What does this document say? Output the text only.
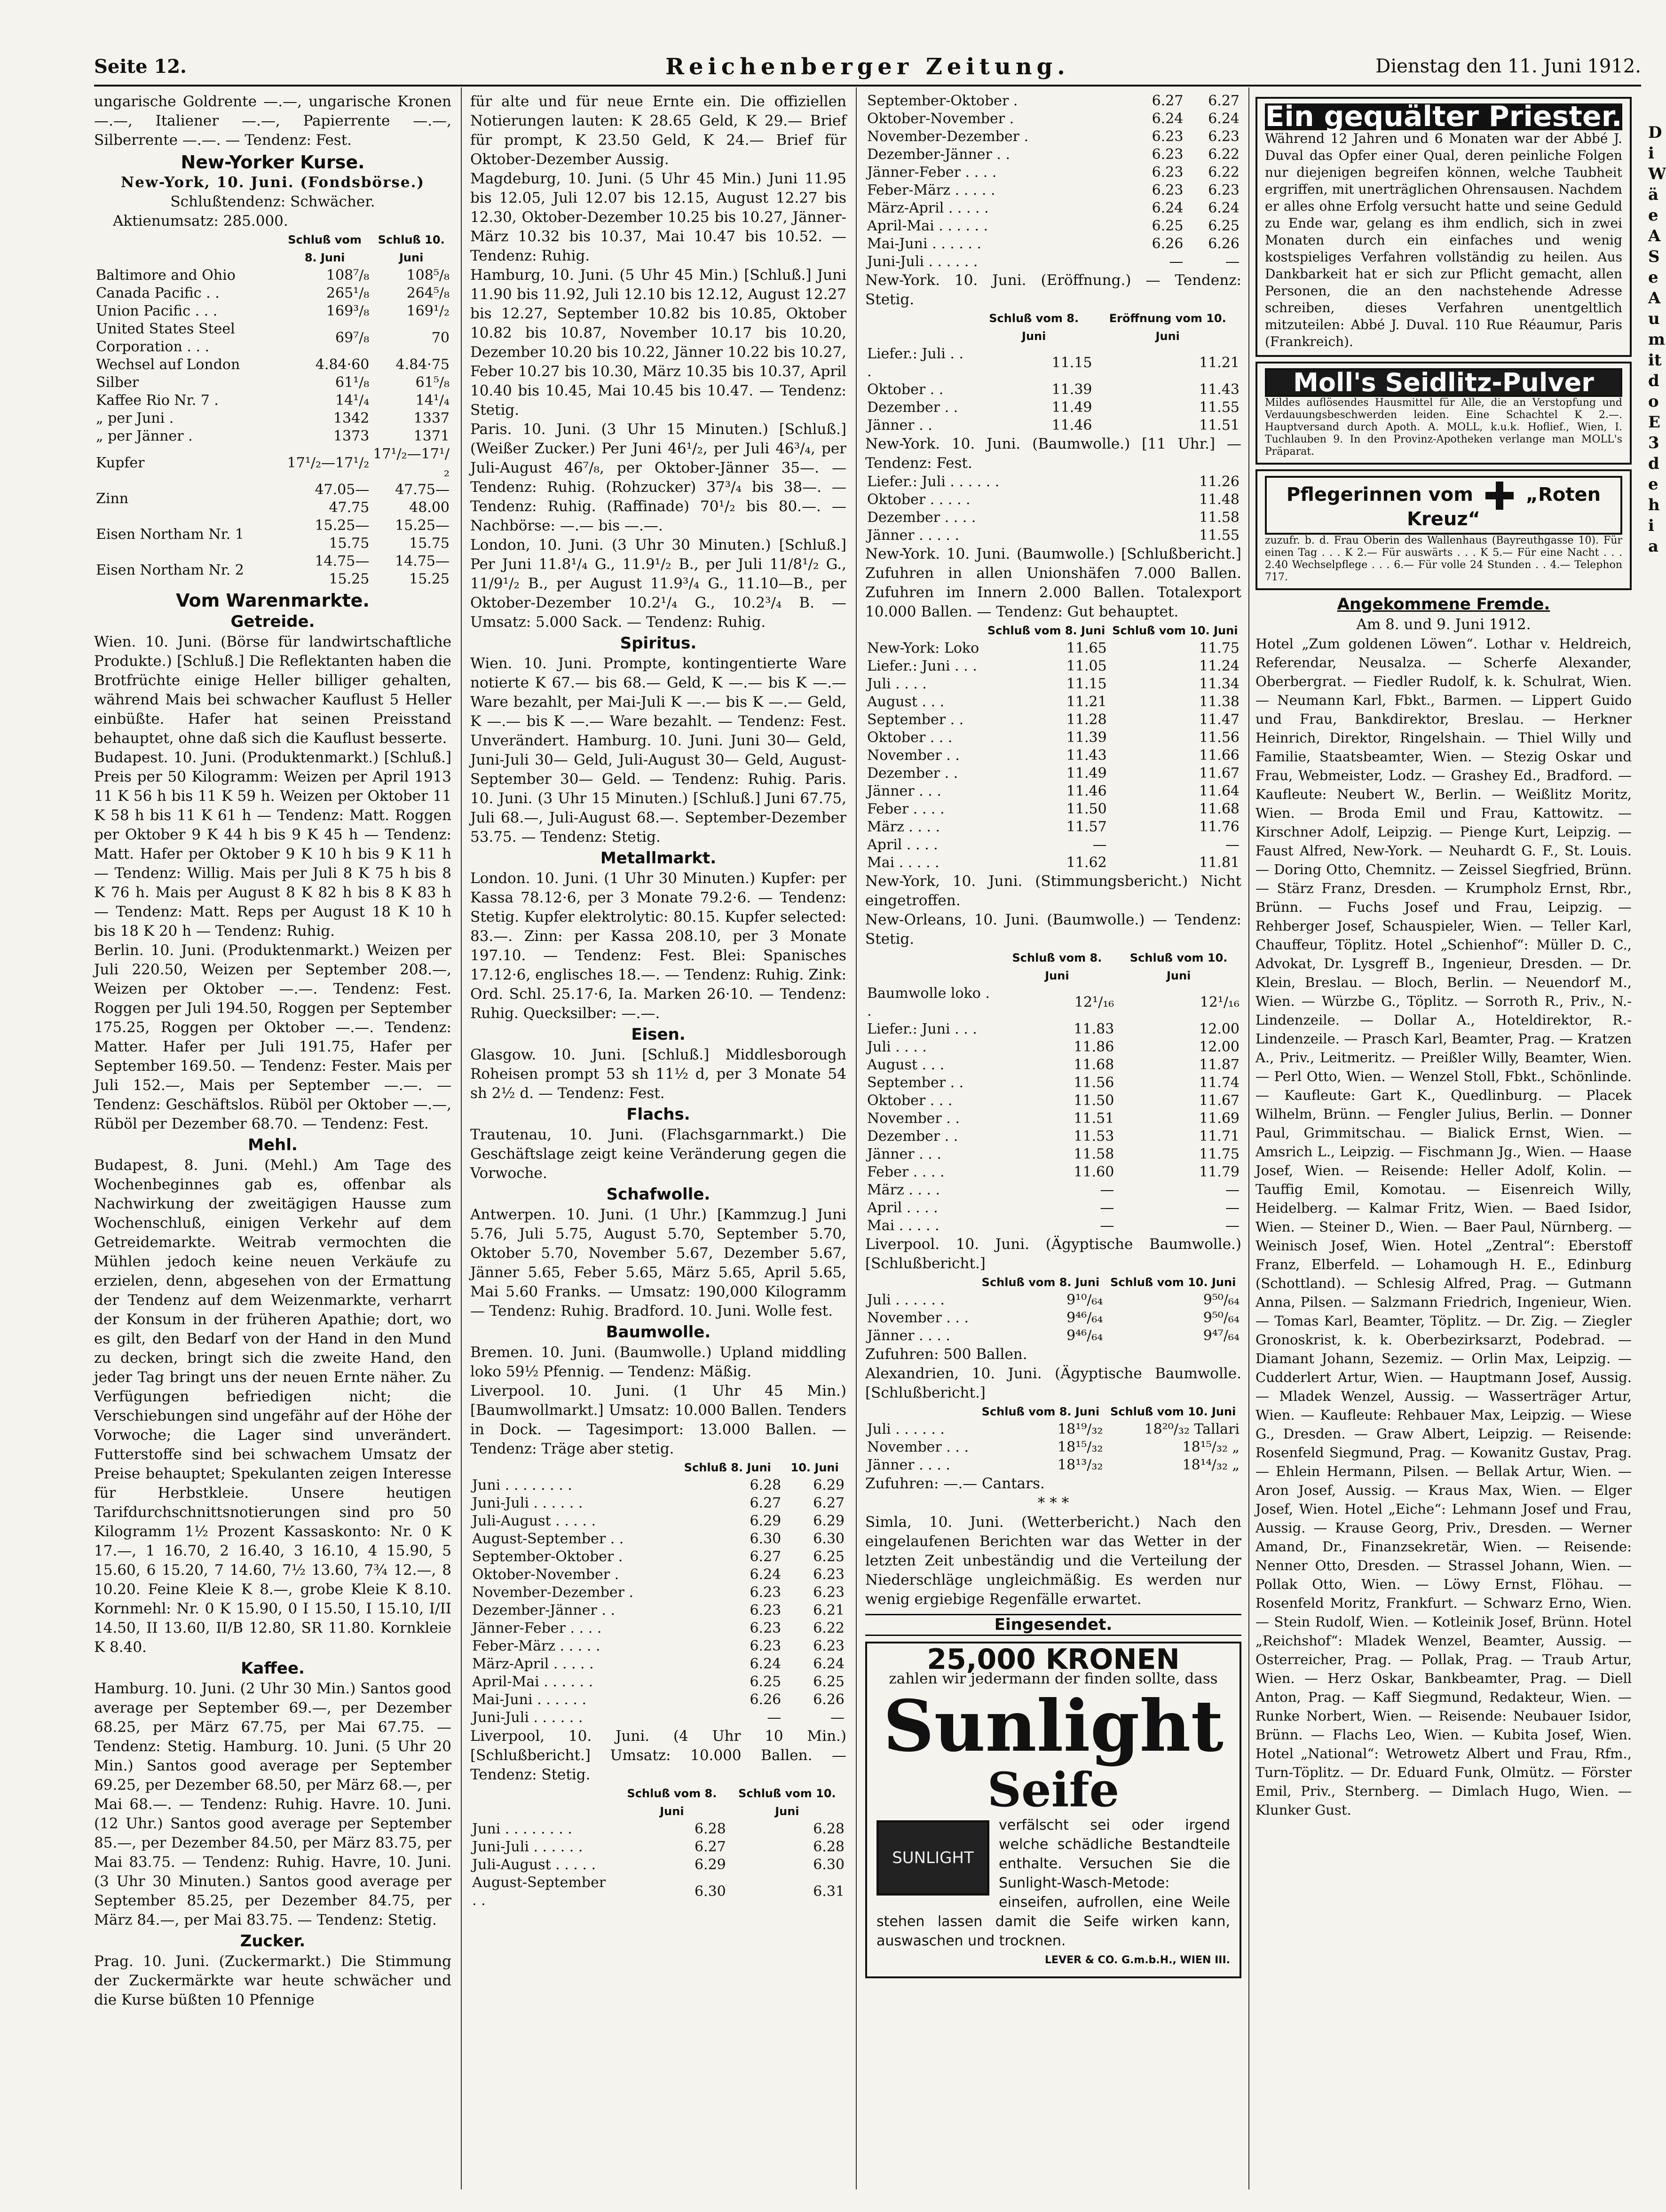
Seite 12.	Reichenberger Zeitung.	Dienstag den 11. Juni 1912.

ungarische Goldrente —.—, ungarische Kronen —.—, Italiener —.—, Papierrente —.—, Silberrente —.—. — Tendenz: Fest.

New-Yorker Kurse.

New-York, 10. Juni. (Fondsbörse.)

Schlußtendenz: Schwächer.

Aktienumsatz: 285.000.

	Schluß vom 8. Juni	Schluß 10. Juni
Baltimore and Ohio	108⁷/₈	108⁵/₈
Canada Pacific . .	265¹/₈	264⁵/₈
Union Pacific . . .	169³/₈	169¹/₂
United States Steel Corporation . . .	69⁷/₈	70
Wechsel auf London	4.84·60	4.84·75
Silber	61¹/₈	61⁵/₈
Kaffee Rio Nr. 7 .	14¹/₄	14¹/₄
„ per Juni .	1342	1337
„ per Jänner .	1373	1371
Kupfer	17¹/₂—17¹/₂	17¹/₂—17¹/₂
Zinn	47.05—47.75	47.75—48.00
Eisen Northam Nr. 1	15.25—15.75	15.25—15.75
Eisen Northam Nr. 2	14.75—15.25	14.75—15.25
Vom Warenmarkte.
Getreide.

Wien. 10. Juni. (Börse für landwirtschaftliche Produkte.) [Schluß.] Die Reflektanten haben die Brotfrüchte einige Heller billiger gehalten, während Mais bei schwacher Kauflust 5 Heller einbüßte. Hafer hat seinen Preisstand behauptet, ohne daß sich die Kauflust besserte.

Budapest. 10. Juni. (Produktenmarkt.) [Schluß.] Preis per 50 Kilogramm: Weizen per April 1913 11 K 56 h bis 11 K 59 h. Weizen per Oktober 11 K 58 h bis 11 K 61 h — Tendenz: Matt. Roggen per Oktober 9 K 44 h bis 9 K 45 h — Tendenz: Matt. Hafer per Oktober 9 K 10 h bis 9 K 11 h — Tendenz: Willig. Mais per Juli 8 K 75 h bis 8 K 76 h. Mais per August 8 K 82 h bis 8 K 83 h — Tendenz: Matt. Reps per August 18 K 10 h bis 18 K 20 h — Tendenz: Ruhig.

Berlin. 10. Juni. (Produktenmarkt.) Weizen per Juli 220.50, Weizen per September 208.—, Weizen per Oktober —.—. Tendenz: Fest. Roggen per Juli 194.50, Roggen per September 175.25, Roggen per Oktober —.—. Tendenz: Matter. Hafer per Juli 191.75, Hafer per September 169.50. — Tendenz: Fester. Mais per Juli 152.—, Mais per September —.—. — Tendenz: Geschäftslos. Rüböl per Oktober —.—, Rüböl per Dezember 68.70. — Tendenz: Fest.

Mehl.

Budapest, 8. Juni. (Mehl.) Am Tage des Wochenbeginnes gab es, offenbar als Nachwirkung der zweitägigen Hausse zum Wochenschluß, einigen Verkehr auf dem Getreidemarkte. Weitrab vermochten die Mühlen jedoch keine neuen Verkäufe zu erzielen, denn, abgesehen von der Ermattung der Tendenz auf dem Weizenmarkte, verharrt der Konsum in der früheren Apathie; dort, wo es gilt, den Bedarf von der Hand in den Mund zu decken, bringt sich die zweite Hand, den jeder Tag bringt uns der neuen Ernte näher. Zu Verfügungen befriedigen nicht; die Verschiebungen sind ungefähr auf der Höhe der Vorwoche; die Lager sind unverändert. Futterstoffe sind bei schwachem Umsatz der Preise behauptet; Spekulanten zeigen Interesse für Herbstkleie. Unsere heutigen Tarifdurchschnittsnotierungen sind pro 50 Kilogramm 1½ Prozent Kassaskonto: Nr. 0 K 17.—, 1 16.70, 2 16.40, 3 16.10, 4 15.90, 5 15.60, 6 15.20, 7 14.60, 7½ 13.60, 7¾ 12.—, 8 10.20. Feine Kleie K 8.—, grobe Kleie K 8.10. Kornmehl: Nr. 0 K 15.90, 0 I 15.50, I 15.10, I/II 14.50, II 13.60, II/B 12.80, SR 11.80. Kornkleie K 8.40.

Kaffee.

Hamburg. 10. Juni. (2 Uhr 30 Min.) Santos good average per September 69.—, per Dezember 68.25, per März 67.75, per Mai 67.75. — Tendenz: Stetig. Hamburg. 10. Juni. (5 Uhr 20 Min.) Santos good average per September 69.25, per Dezember 68.50, per März 68.—, per Mai 68.—. — Tendenz: Ruhig. Havre. 10. Juni. (12 Uhr.) Santos good average per September 85.—, per Dezember 84.50, per März 83.75, per Mai 83.75. — Tendenz: Ruhig. Havre, 10. Juni. (3 Uhr 30 Minuten.) Santos good average per September 85.25, per Dezember 84.75, per März 84.—, per Mai 83.75. — Tendenz: Stetig.

Zucker.

Prag. 10. Juni. (Zuckermarkt.) Die Stimmung der Zuckermärkte war heute schwächer und die Kurse büßten 10 Pfennige

für alte und für neue Ernte ein. Die offiziellen Notierungen lauten: K 28.65 Geld, K 29.— Brief für prompt, K 23.50 Geld, K 24.— Brief für Oktober-Dezember Aussig.

Magdeburg, 10. Juni. (5 Uhr 45 Min.) Juni 11.95 bis 12.05, Juli 12.07 bis 12.15, August 12.27 bis 12.30, Oktober-Dezember 10.25 bis 10.27, Jänner-März 10.32 bis 10.37, Mai 10.47 bis 10.52. — Tendenz: Ruhig.

Hamburg, 10. Juni. (5 Uhr 45 Min.) [Schluß.] Juni 11.90 bis 11.92, Juli 12.10 bis 12.12, August 12.27 bis 12.27, September 10.82 bis 10.85, Oktober 10.82 bis 10.87, November 10.17 bis 10.20, Dezember 10.20 bis 10.22, Jänner 10.22 bis 10.27, Feber 10.27 bis 10.30, März 10.35 bis 10.37, April 10.40 bis 10.45, Mai 10.45 bis 10.47. — Tendenz: Stetig.

Paris. 10. Juni. (3 Uhr 15 Minuten.) [Schluß.] (Weißer Zucker.) Per Juni 46¹/₂, per Juli 46³/₄, per Juli-August 46⁷/₈, per Oktober-Jänner 35—. — Tendenz: Ruhig. (Rohzucker) 37³/₄ bis 38—. — Tendenz: Ruhig. (Raffinade) 70¹/₂ bis 80.—. — Nachbörse: —.— bis —.—.

London, 10. Juni. (3 Uhr 30 Minuten.) [Schluß.] Per Juni 11.8¹/₄ G., 11.9¹/₂ B., per Juli 11/8¹/₂ G., 11/9¹/₂ B., per August 11.9³/₄ G., 11.10—B., per Oktober-Dezember 10.2¹/₄ G., 10.2³/₄ B. — Umsatz: 5.000 Sack. — Tendenz: Ruhig.

Spiritus.

Wien. 10. Juni. Prompte, kontingentierte Ware notierte K 67.— bis 68.— Geld, K —.— bis K —.— Ware bezahlt, per Mai-Juli K —.— bis K —.— Geld, K —.— bis K —.— Ware bezahlt. — Tendenz: Fest. Unverändert. Hamburg. 10. Juni. Juni 30— Geld, Juni-Juli 30— Geld, Juli-August 30— Geld, August-September 30— Geld. — Tendenz: Ruhig. Paris. 10. Juni. (3 Uhr 15 Minuten.) [Schluß.] Juni 67.75, Juli 68.—, Juli-August 68.—. September-Dezember 53.75. — Tendenz: Stetig.

Metallmarkt.

London. 10. Juni. (1 Uhr 30 Minuten.) Kupfer: per Kassa 78.12·6, per 3 Monate 79.2·6. — Tendenz: Stetig. Kupfer elektrolytic: 80.15. Kupfer selected: 83.—. Zinn: per Kassa 208.10, per 3 Monate 197.10. — Tendenz: Fest. Blei: Spanisches 17.12·6, englisches 18.—. — Tendenz: Ruhig. Zink: Ord. Schl. 25.17·6, Ia. Marken 26·10. — Tendenz: Ruhig. Quecksilber: —.—.

Eisen.

Glasgow. 10. Juni. [Schluß.] Middlesborough Roheisen prompt 53 sh 11½ d, per 3 Monate 54 sh 2½ d. — Tendenz: Fest.

Flachs.

Trautenau, 10. Juni. (Flachsgarnmarkt.) Die Geschäftslage zeigt keine Veränderung gegen die Vorwoche.

Schafwolle.

Antwerpen. 10. Juni. (1 Uhr.) [Kammzug.] Juni 5.76, Juli 5.75, August 5.70, September 5.70, Oktober 5.70, November 5.67, Dezember 5.67, Jänner 5.65, Feber 5.65, März 5.65, April 5.65, Mai 5.60 Franks. — Umsatz: 190,000 Kilogramm — Tendenz: Ruhig. Bradford. 10. Juni. Wolle fest.

Baumwolle.

Bremen. 10. Juni. (Baumwolle.) Upland middling loko 59½ Pfennig. — Tendenz: Mäßig.

Liverpool. 10. Juni. (1 Uhr 45 Min.) [Baumwollmarkt.] Umsatz: 10.000 Ballen. Tenders in Dock. — Tagesimport: 13.000 Ballen. — Tendenz: Träge aber stetig.

	Schluß 8. Juni	10. Juni
Juni . . . . . . . .	6.28	6.29
Juni-Juli . . . . . .	6.27	6.27
Juli-August . . . . .	6.29	6.29
August-September . .	6.30	6.30
September-Oktober .	6.27	6.25
Oktober-November .	6.24	6.23
November-Dezember .	6.23	6.23
Dezember-Jänner . .	6.23	6.21
Jänner-Feber . . . .	6.23	6.22
Feber-März . . . . .	6.23	6.23
März-April . . . . .	6.24	6.24
April-Mai . . . . . .	6.25	6.25
Mai-Juni . . . . . .	6.26	6.26
Juni-Juli . . . . . .	—	—

Liverpool, 10. Juni. (4 Uhr 10 Min.) [Schlußbericht.] Umsatz: 10.000 Ballen. — Tendenz: Stetig.

	Schluß vom 8. Juni	Schluß vom 10. Juni
Juni . . . . . . . .	6.28	6.28
Juni-Juli . . . . . .	6.27	6.28
Juli-August . . . . .	6.29	6.30
August-September . .	6.30	6.31
September-Oktober .	6.27	6.27
Oktober-November .	6.24	6.24
November-Dezember .	6.23	6.23
Dezember-Jänner . .	6.23	6.22
Jänner-Feber . . . .	6.23	6.22
Feber-März . . . . .	6.23	6.23
März-April . . . . .	6.24	6.24
April-Mai . . . . . .	6.25	6.25
Mai-Juni . . . . . .	6.26	6.26
Juni-Juli . . . . . .	—	—

New-York. 10. Juni. (Eröffnung.) — Tendenz: Stetig.

	Schluß vom 8. Juni	Eröffnung vom 10. Juni
Liefer.: Juli . . .	11.15	11.21
Oktober . .	11.39	11.43
Dezember . .	11.49	11.55
Jänner . .	11.46	11.51

New-York. 10. Juni. (Baumwolle.) [11 Uhr.] — Tendenz: Fest.

Liefer.: Juli . . . . . .	11.26
Oktober . . . . .	11.48
Dezember . . . .	11.58
Jänner . . . . .	11.55

New-York. 10. Juni. (Baumwolle.) [Schlußbericht.] Zufuhren in allen Unionshäfen 7.000 Ballen. Zufuhren im Innern 2.000 Ballen. Totalexport 10.000 Ballen. — Tendenz: Gut behauptet.

	Schluß vom 8. Juni	Schluß vom 10. Juni
New-York: Loko	11.65	11.75
Liefer.: Juni . . .	11.05	11.24
Juli . . . .	11.15	11.34
August . . .	11.21	11.38
September . .	11.28	11.47
Oktober . . .	11.39	11.56
November . .	11.43	11.66
Dezember . .	11.49	11.67
Jänner . . .	11.46	11.64
Feber . . . .	11.50	11.68
März . . . .	11.57	11.76
April . . . .	—	—
Mai . . . . .	11.62	11.81

New-York, 10. Juni. (Stimmungsbericht.) Nicht eingetroffen.

New-Orleans, 10. Juni. (Baumwolle.) — Tendenz: Stetig.

	Schluß vom 8. Juni	Schluß vom 10. Juni
Baumwolle loko . .	12¹/₁₆	12¹/₁₆
Liefer.: Juni . . .	11.83	12.00
Juli . . . .	11.86	12.00
August . . .	11.68	11.87
September . .	11.56	11.74
Oktober . . .	11.50	11.67
November . .	11.51	11.69
Dezember . .	11.53	11.71
Jänner . . .	11.58	11.75
Feber . . . .	11.60	11.79
März . . . .	—	—
April . . . .	—	—
Mai . . . . .	—	—

Liverpool. 10. Juni. (Ägyptische Baumwolle.) [Schlußbericht.]

	Schluß vom 8. Juni	Schluß vom 10. Juni
Juli . . . . . .	9¹⁰/₆₄	9⁵⁰/₆₄
November . . .	9⁴⁶/₆₄	9⁵⁰/₆₄
Jänner . . . .	9⁴⁶/₆₄	9⁴⁷/₆₄

Zufuhren: 500 Ballen.

Alexandrien, 10. Juni. (Ägyptische Baumwolle. [Schlußbericht.]

	Schluß vom 8. Juni	Schluß vom 10. Juni
Juli . . . . . .	18¹⁹/₃₂	18²⁰/₃₂ Tallari
November . . .	18¹⁵/₃₂	18¹⁵/₃₂ „
Jänner . . . .	18¹³/₃₂	18¹⁴/₃₂ „

Zufuhren: —.— Cantars.

* * *

Simla, 10. Juni. (Wetterbericht.) Nach den eingelaufenen Berichten war das Wetter in der letzten Zeit unbeständig und die Verteilung der Niederschläge ungleichmäßig. Es werden nur wenig ergiebige Regenfälle erwartet.

Eingesendet.
25,000 KRONEN
zahlen wir jedermann der finden sollte, dass
Sunlight
Seife
SUNLIGHT

verfälscht sei oder irgend welche schädliche Bestandteile enthalte. Versuchen Sie die Sunlight-Wasch-Metode: einseifen, aufrollen, eine Weile stehen lassen damit die Seife wirken kann, auswaschen und trocknen.

LEVER & CO. G.m.b.H., WIEN III.

Ein gequälter Priester.

Während 12 Jahren und 6 Monaten war der Abbé J. Duval das Opfer einer Qual, deren peinliche Folgen nur diejenigen begreifen können, welche Taubheit ergriffen, mit unerträglichen Ohrensausen. Nachdem er alles ohne Erfolg versucht hatte und seine Geduld zu Ende war, gelang es ihm endlich, sich in zwei Monaten durch ein einfaches und wenig kostspieliges Verfahren vollständig zu heilen. Aus Dankbarkeit hat er sich zur Pflicht gemacht, allen Personen, die an den nachstehende Adresse schreiben, dieses Verfahren unentgeltlich mitzuteilen: Abbé J. Duval. 110 Rue Réaumur, Paris (Frankreich).

Moll's Seidlitz-Pulver

Mildes auflösendes Hausmittel für Alle, die an Verstopfung und Verdauungsbeschwerden leiden. Eine Schachtel K 2.—. Hauptversand durch Apoth. A. MOLL, k.u.k. Hoflief., Wien, I. Tuchlauben 9. In den Provinz-Apotheken verlange man MOLL's Präparat.

Pflegerinnen vom	„Roten Kreuz“

zuzufr. b. d. Frau Oberin des Wallenhaus (Bayreuthgasse 10). Für einen Tag . . . K 2.— Für auswärts . . . K 5.— Für eine Nacht . . . 2.40 Wechselpflege . . . 6.— Für volle 24 Stunden . . 4.— Telephon 717.

Angekommene Fremde.

Am 8. und 9. Juni 1912.

Hotel „Zum goldenen Löwen“. Lothar v. Heldreich, Referendar, Neusalza. — Scherfe Alexander, Oberbergrat. — Fiedler Rudolf, k. k. Schulrat, Wien. — Neumann Karl, Fbkt., Barmen. — Lippert Guido und Frau, Bankdirektor, Breslau. — Herkner Heinrich, Direktor, Ringelshain. — Thiel Willy und Familie, Staatsbeamter, Wien. — Stezig Oskar und Frau, Webmeister, Lodz. — Grashey Ed., Bradford. — Kaufleute: Neubert W., Berlin. — Weißlitz Moritz, Wien. — Broda Emil und Frau, Kattowitz. — Kirschner Adolf, Leipzig. — Pienge Kurt, Leipzig. — Faust Alfred, New-York. — Neuhardt G. F., St. Louis. — Doring Otto, Chemnitz. — Zeissel Siegfried, Brünn. — Stärz Franz, Dresden. — Krumpholz Ernst, Rbr., Brünn. — Fuchs Josef und Frau, Leipzig. — Rehberger Josef, Schauspieler, Wien. — Teller Karl, Chauffeur, Töplitz. Hotel „Schienhof“: Müller D. C., Advokat, Dr. Lysgreff B., Ingenieur, Dresden. — Dr. Klein, Breslau. — Bloch, Berlin. — Neuendorf M., Wien. — Würzbe G., Töplitz. — Sorroth R., Priv., N.-Lindenzeile. — Dollar A., Hoteldirektor, R.-Lindenzeile. — Prasch Karl, Beamter, Prag. — Kratzen A., Priv., Leitmeritz. — Preißler Willy, Beamter, Wien. — Perl Otto, Wien. — Wenzel Stoll, Fbkt., Schönlinde. — Kaufleute: Gart K., Quedlinburg. — Placek Wilhelm, Brünn. — Fengler Julius, Berlin. — Donner Paul, Grimmitschau. — Bialick Ernst, Wien. — Amsrich L., Leipzig. — Fischmann Jg., Wien. — Haase Josef, Wien. — Reisende: Heller Adolf, Kolin. — Tauffig Emil, Komotau. — Eisenreich Willy, Heidelberg. — Kalmar Fritz, Wien. — Baed Isidor, Wien. — Steiner D., Wien. — Baer Paul, Nürnberg. — Weinisch Josef, Wien. Hotel „Zentral“: Eberstoff Franz, Elberfeld. — Lohamough H. E., Edinburg (Schottland). — Schlesig Alfred, Prag. — Gutmann Anna, Pilsen. — Salzmann Friedrich, Ingenieur, Wien. — Tomas Karl, Beamter, Töplitz. — Dr. Zig. — Ziegler Gronoskrist, k. k. Oberbezirksarzt, Podebrad. — Diamant Johann, Sezemiz. — Orlin Max, Leipzig. — Cudderlert Artur, Wien. — Hauptmann Josef, Aussig. — Mladek Wenzel, Aussig. — Wasserträger Artur, Wien. — Kaufleute: Rehbauer Max, Leipzig. — Wiese G., Dresden. — Graw Albert, Leipzig. — Reisende: Rosenfeld Siegmund, Prag. — Kowanitz Gustav, Prag. — Ehlein Hermann, Pilsen. — Bellak Artur, Wien. — Aron Josef, Aussig. — Kraus Max, Wien. — Elger Josef, Wien. Hotel „Eiche“: Lehmann Josef und Frau, Aussig. — Krause Georg, Priv., Dresden. — Werner Amand, Dr., Finanzsekretär, Wien. — Reisende: Nenner Otto, Dresden. — Strassel Johann, Wien. — Pollak Otto, Wien. — Löwy Ernst, Flöhau. — Rosenfeld Moritz, Frankfurt. — Schwarz Erno, Wien. — Stein Rudolf, Wien. — Kotleinik Josef, Brünn. Hotel „Reichshof“: Mladek Wenzel, Beamter, Aussig. — Osterreicher, Prag. — Pollak, Prag. — Traub Artur, Wien. — Herz Oskar, Bankbeamter, Prag. — Diell Anton, Prag. — Kaff Siegmund, Redakteur, Wien. — Runke Norbert, Wien. — Reisende: Neubauer Isidor, Brünn. — Flachs Leo, Wien. — Kubita Josef, Wien. Hotel „National“: Wetrowetz Albert und Frau, Rfm., Turn-Töplitz. — Dr. Eduard Funk, Olmütz. — Förster Emil, Priv., Sternberg. — Dimlach Hugo, Wien. — Klunker Gust.

Di Wä eA Se Au mit do E 3 de hi a
